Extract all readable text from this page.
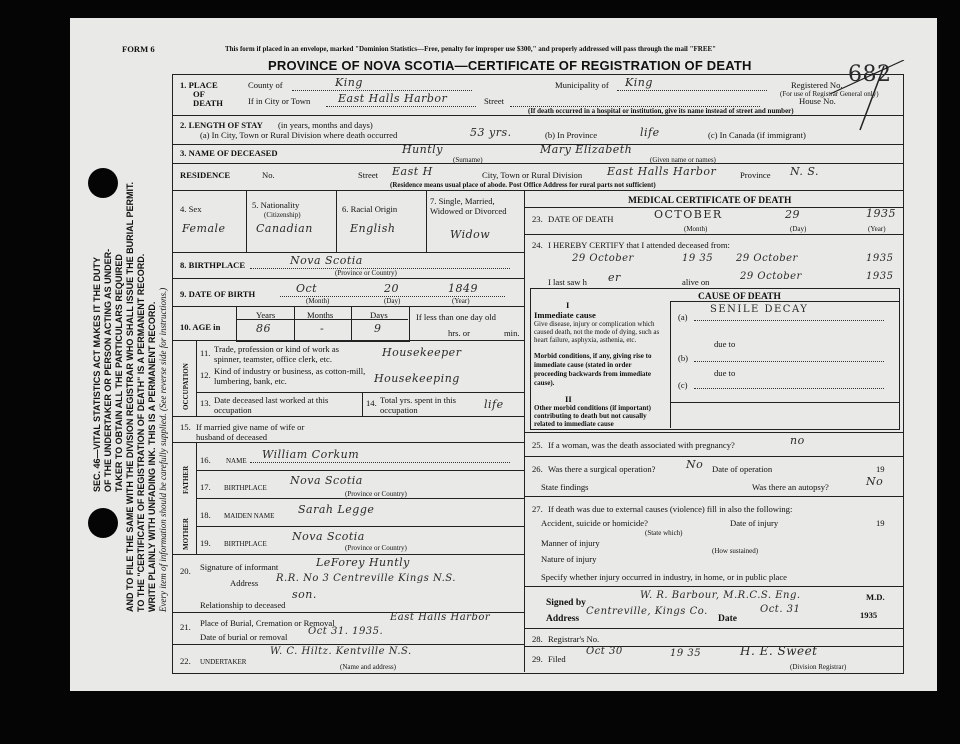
SEC. 46—VITAL STATISTICS ACT MAKES IT THE DUTY OF THE UNDERTAKER OR PERSON ACTING AS UNDER- TAKER TO OBTAIN ALL THE PARTICULARS REQUIRED AND TO FILE THE SAME WITH THE DIVISION REGISTRAR WHO SHALL ISSUE THE BURIAL PERMIT. TO THE "CERTIFICATE OF REGISTRATION OF DEATH" IS A PERMANENT RECORD. WRITE PLAINLY WITH UNFADING INK. THIS IS A PERMANENT RECORD. Every item of information should be carefully supplied. (See reverse side for instructions.)
FORM 6	This form if placed in an envelope, marked "Dominion Statistics—Free, penalty for improper use $300," and properly addressed will pass through the mail "FREE"
PROVINCE OF NOVA SCOTIA—CERTIFICATE OF REGISTRATION OF DEATH
1. PLACE
OF
DEATH
County of	King	Municipality of King	Registered No. 682
(For use of Registrar General only)
If in City or Town	East Halls Harbor	Street	House No.
(If death occurred in a hospital or institution, give its name instead of street and number)
2. LENGTH OF STAY (in years, months and days)
(a) In City, Town or Rural Division where death occurred	53 yrs.	(b) In Province	life	(c) In Canada (if immigrant)
3. NAME OF DECEASED	Huntly
(Surname)
Mary Elizabeth
(Given name or names)
RESIDENCE	No.	Street East H	City, Town or Rural Division East Halls Harbor	Province N. S.
(Residence means usual place of abode. Post Office Address for rural parts not sufficient)
4. Sex
Female
5. Nationality
(Citizenship)
Canadian
6. Racial Origin
English
7. Single, Married, Widowed or Divorced
Widow
8. BIRTHPLACE	Nova Scotia
(Province or Country)
9. DATE OF BIRTH	Oct	20	1849
(Month)	(Day)	(Year)
10. AGE in
Years	Months	Days
86	-	9
If less than one day old
hrs. or	min.
OCCUPATION
11. Trade, profession or kind of work as spinner, teamster, office clerk, etc.	Housekeeper
12. Kind of industry or business, as cotton-mill, lumbering, bank, etc.	Housekeeping
13. Date deceased last worked at this occupation
14. Total yrs. spent in this occupation	life
15. If married give name of wife or husband of deceased
FATHER
MOTHER
16. NAME William Corkum
17. BIRTHPLACE
Nova Scotia
(Province or Country)
18. MAIDEN NAME Sarah Legge
19. BIRTHPLACE
Nova Scotia
(Province or Country)
20. Signature of informant	LeForey Huntly
Address R.R. No 3 Centreville Kings N.S.
son.
Relationship to deceased
21. Place of Burial, Cremation or Removal	East Halls Harbor
Date of burial or removal Oct 31. 1935.
22. UNDERTAKER
W. C. Hiltz. Kentville N.S.
(Name and address)
MEDICAL CERTIFICATE OF DEATH
23. DATE OF DEATH	OCTOBER	29	1935
(Month)	(Day)	(Year)
24. I HEREBY CERTIFY that I attended deceased from:
29 October	19 35 29 October	1935
I last saw h er	alive on	29 October	1935
CAUSE OF DEATH
I
Immediate cause
Give disease, injury or complication which caused death, not the mode of dying, such as heart failure, asphyxia, asthenia, etc.
(a)
SENILE DECAY
due to
(b)
due to
(c)
Morbid conditions, if any, giving rise to immediate cause (stated in order proceeding backwards from immediate cause).
II
Other morbid conditions (if important) contributing to death but not causally related to immediate cause
25. If a woman, was the death associated with pregnancy?	no
26. Was there a surgical operation?	No Date of operation	19
State findings	Was there an autopsy?	No
27. If death was due to external causes (violence) fill in also the following:
Accident, suicide or homicide?	Date of injury	19
(State which)
Manner of injury
Nature of injury
(How sustained)
Specify whether injury occurred in industry, in home, or in public place
Signed by
W. R. Barbour, M.R.C.S. Eng.	M.D.
Address
Centreville, Kings Co.
Date
Oct. 31	1935
28. Registrar's No.
29. Filed
Oct 30	19 35	H. E. Sweet
(Division Registrar)
